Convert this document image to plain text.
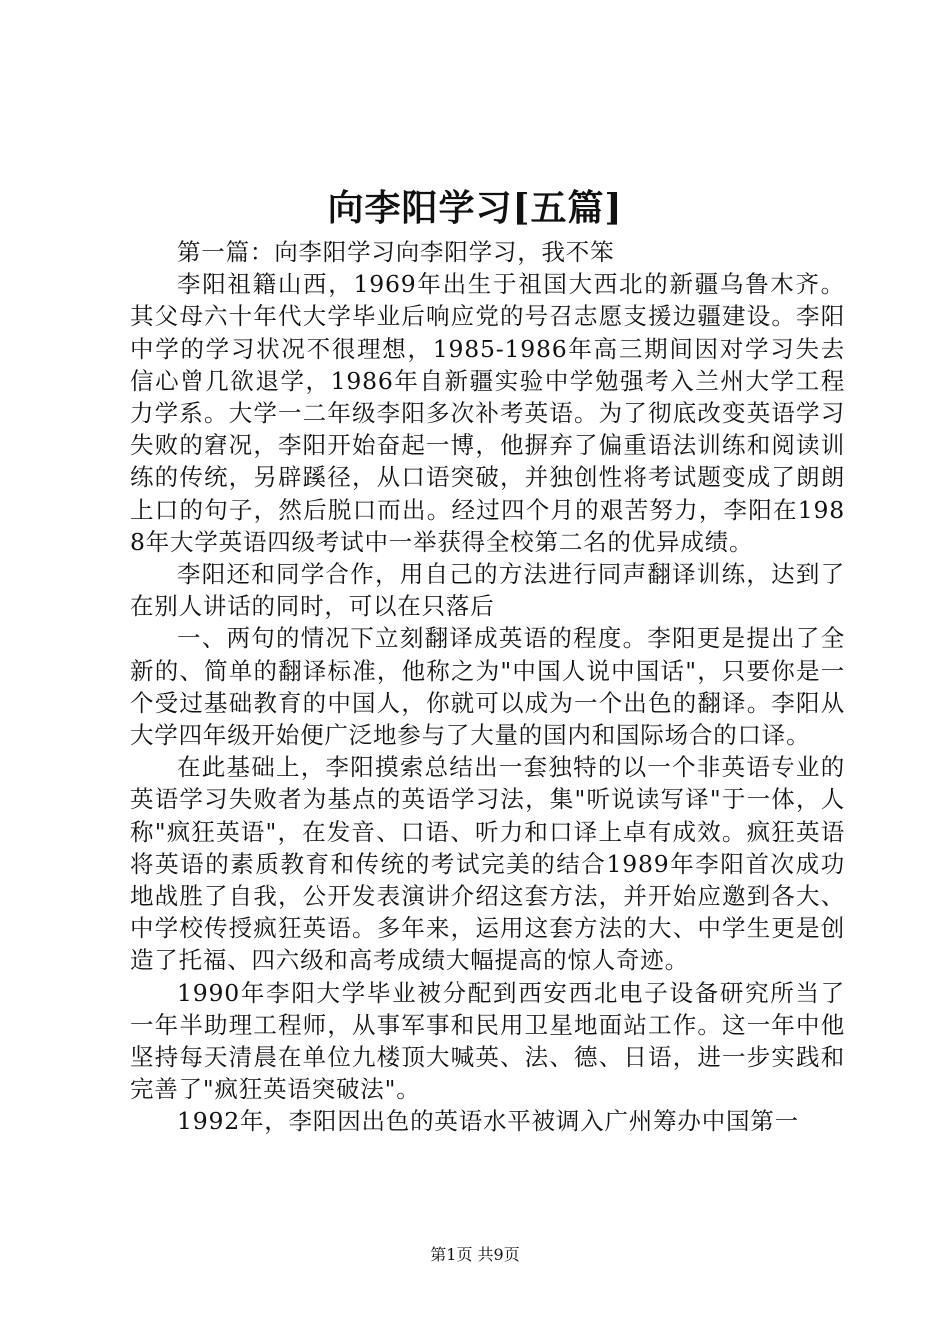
向李阳学习[五篇]

第一篇：向李阳学习向李阳学习，我不笨

李阳祖籍山西，1969年出生于祖国大西北的新疆乌鲁木齐。其父母六十年代大学毕业后响应党的号召志愿支援边疆建设。李阳中学的学习状况不很理想，1985-1986年高三期间因对学习失去信心曾几欲退学，1986年自新疆实验中学勉强考入兰州大学工程力学系。大学一二年级李阳多次补考英语。为了彻底改变英语学习失败的窘况，李阳开始奋起一博，他摒弃了偏重语法训练和阅读训练的传统，另辟蹊径，从口语突破，并独创性将考试题变成了朗朗上口的句子，然后脱口而出。经过四个月的艰苦努力，李阳在1988年大学英语四级考试中一举获得全校第二名的优异成绩。

李阳还和同学合作，用自己的方法进行同声翻译训练，达到了在别人讲话的同时，可以在只落后

一、两句的情况下立刻翻译成英语的程度。李阳更是提出了全新的、简单的翻译标准，他称之为"中国人说中国话"，只要你是一个受过基础教育的中国人，你就可以成为一个出色的翻译。李阳从大学四年级开始便广泛地参与了大量的国内和国际场合的口译。

在此基础上，李阳摸索总结出一套独特的以一个非英语专业的英语学习失败者为基点的英语学习法，集"听说读写译"于一体，人称"疯狂英语"，在发音、口语、听力和口译上卓有成效。疯狂英语将英语的素质教育和传统的考试完美的结合1989年李阳首次成功地战胜了自我，公开发表演讲介绍这套方法，并开始应邀到各大、中学校传授疯狂英语。多年来，运用这套方法的大、中学生更是创造了托福、四六级和高考成绩大幅提高的惊人奇迹。

1990年李阳大学毕业被分配到西安西北电子设备研究所当了一年半助理工程师，从事军事和民用卫星地面站工作。这一年中他坚持每天清晨在单位九楼顶大喊英、法、德、日语，进一步实践和完善了"疯狂英语突破法"。

1992年，李阳因出色的英语水平被调入广州筹办中国第一

第1页 共9页
